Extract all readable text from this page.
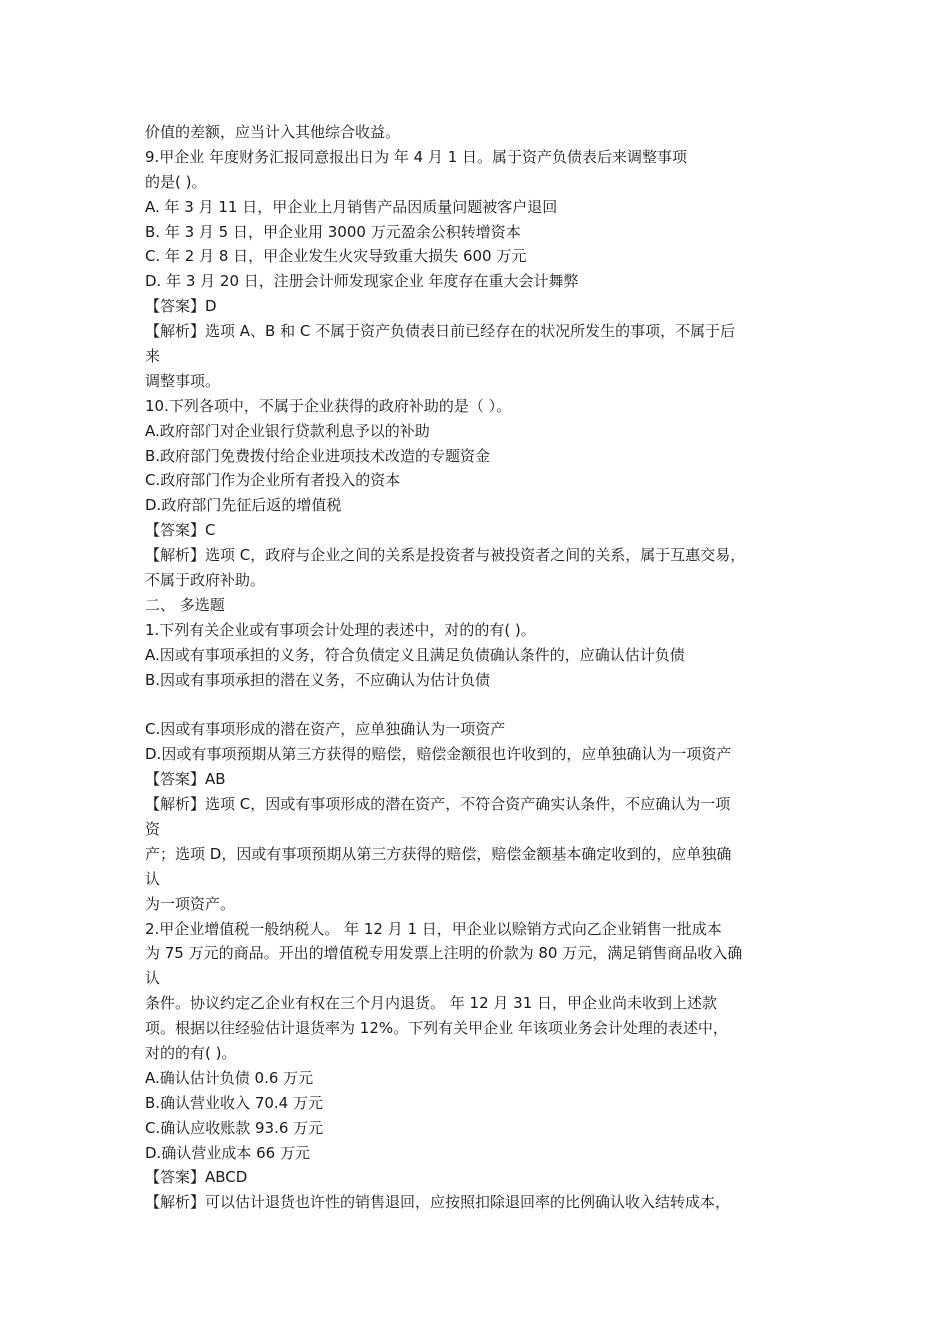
价值的差额，应当计入其他综合收益。

9.甲企业 年度财务汇报同意报出日为 年 4 月 1 日。属于资产负债表后来调整事项

的是( )。

A. 年 3 月 11 日，甲企业上月销售产品因质量问题被客户退回

B. 年 3 月 5 日，甲企业用 3000 万元盈余公积转增资本

C. 年 2 月 8 日，甲企业发生火灾导致重大损失 600 万元

D. 年 3 月 20 日，注册会计师发现家企业 年度存在重大会计舞弊

【答案】D

【解析】选项 A、B 和 C 不属于资产负债表日前已经存在的状况所发生的事项，不属于后

来

调整事项。

10.下列各项中，不属于企业获得的政府补助的是（ ）。

A.政府部门对企业银行贷款利息予以的补助

B.政府部门免费拨付给企业进项技术改造的专题资金

C.政府部门作为企业所有者投入的资本

D.政府部门先征后返的增值税

【答案】C

【解析】选项 C，政府与企业之间的关系是投资者与被投资者之间的关系，属于互惠交易，

不属于政府补助。

二、 多选题

1.下列有关企业或有事项会计处理的表述中，对的的有( )。

A.因或有事项承担的义务，符合负债定义且满足负债确认条件的，应确认估计负债

B.因或有事项承担的潜在义务，不应确认为估计负债

C.因或有事项形成的潜在资产，应单独确认为一项资产

D.因或有事项预期从第三方获得的赔偿，赔偿金额很也许收到的，应单独确认为一项资产

【答案】AB

【解析】选项 C，因或有事项形成的潜在资产，不符合资产确实认条件，不应确认为一项

资

产；选项 D，因或有事项预期从第三方获得的赔偿，赔偿金额基本确定收到的，应单独确

认

为一项资产。

2.甲企业增值税一般纳税人。 年 12 月 1 日，甲企业以赊销方式向乙企业销售一批成本

为 75 万元的商品。开出的增值税专用发票上注明的价款为 80 万元，满足销售商品收入确

认

条件。协议约定乙企业有权在三个月内退货。 年 12 月 31 日，甲企业尚未收到上述款

项。根据以往经验估计退货率为 12%。下列有关甲企业 年该项业务会计处理的表述中，

对的的有( )。

A.确认估计负债 0.6 万元

B.确认营业收入 70.4 万元

C.确认应收账款 93.6 万元

D.确认营业成本 66 万元

【答案】ABCD

【解析】可以估计退货也许性的销售退回，应按照扣除退回率的比例确认收入结转成本，
